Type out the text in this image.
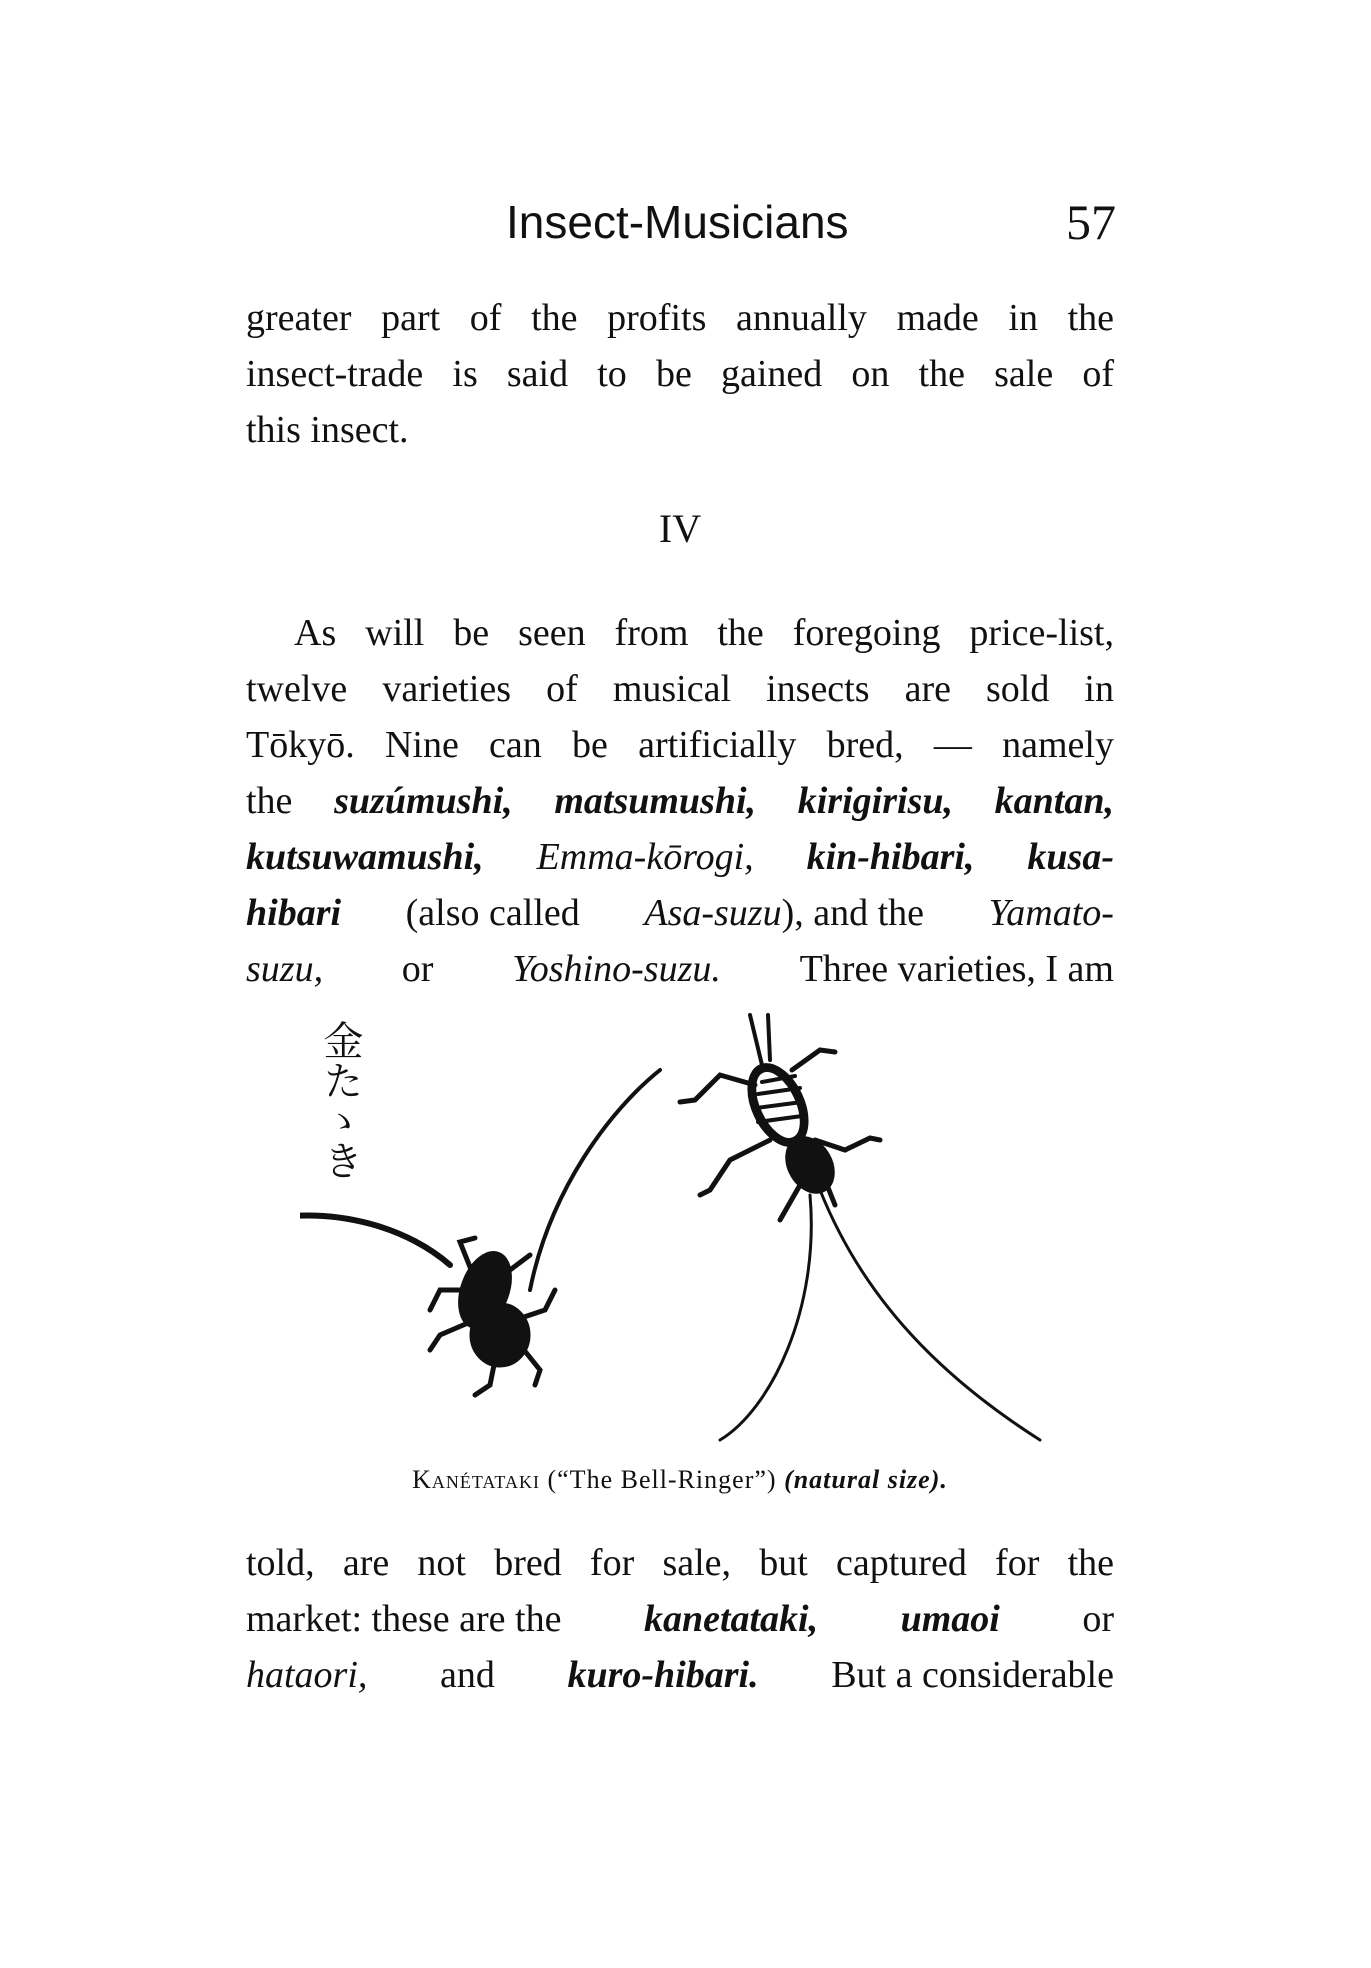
Insect-Musicians	57
greater part of the profits annually made in the
insect-trade is said to be gained on the sale of
this insect.
IV
As will be seen from the foregoing price-list,
twelve varieties of musical insects are sold in
Tōkyō. Nine can be artificially bred, — namely
the suzúmushi, matsumushi, kirigirisu, kantan,
kutsuwamushi, Emma-kōrogi, kin-hibari, kusa-
hibari (also called Asa-suzu), and the Yamato-
suzu, or Yoshino-suzu. Three varieties, I am
金たゝき
Kanétataki (“The Bell-Ringer”) (natural size).
told, are not bred for sale, but captured for the
market: these are the kanetataki, umaoi or
hataori, and kuro-hibari. But a considerable
